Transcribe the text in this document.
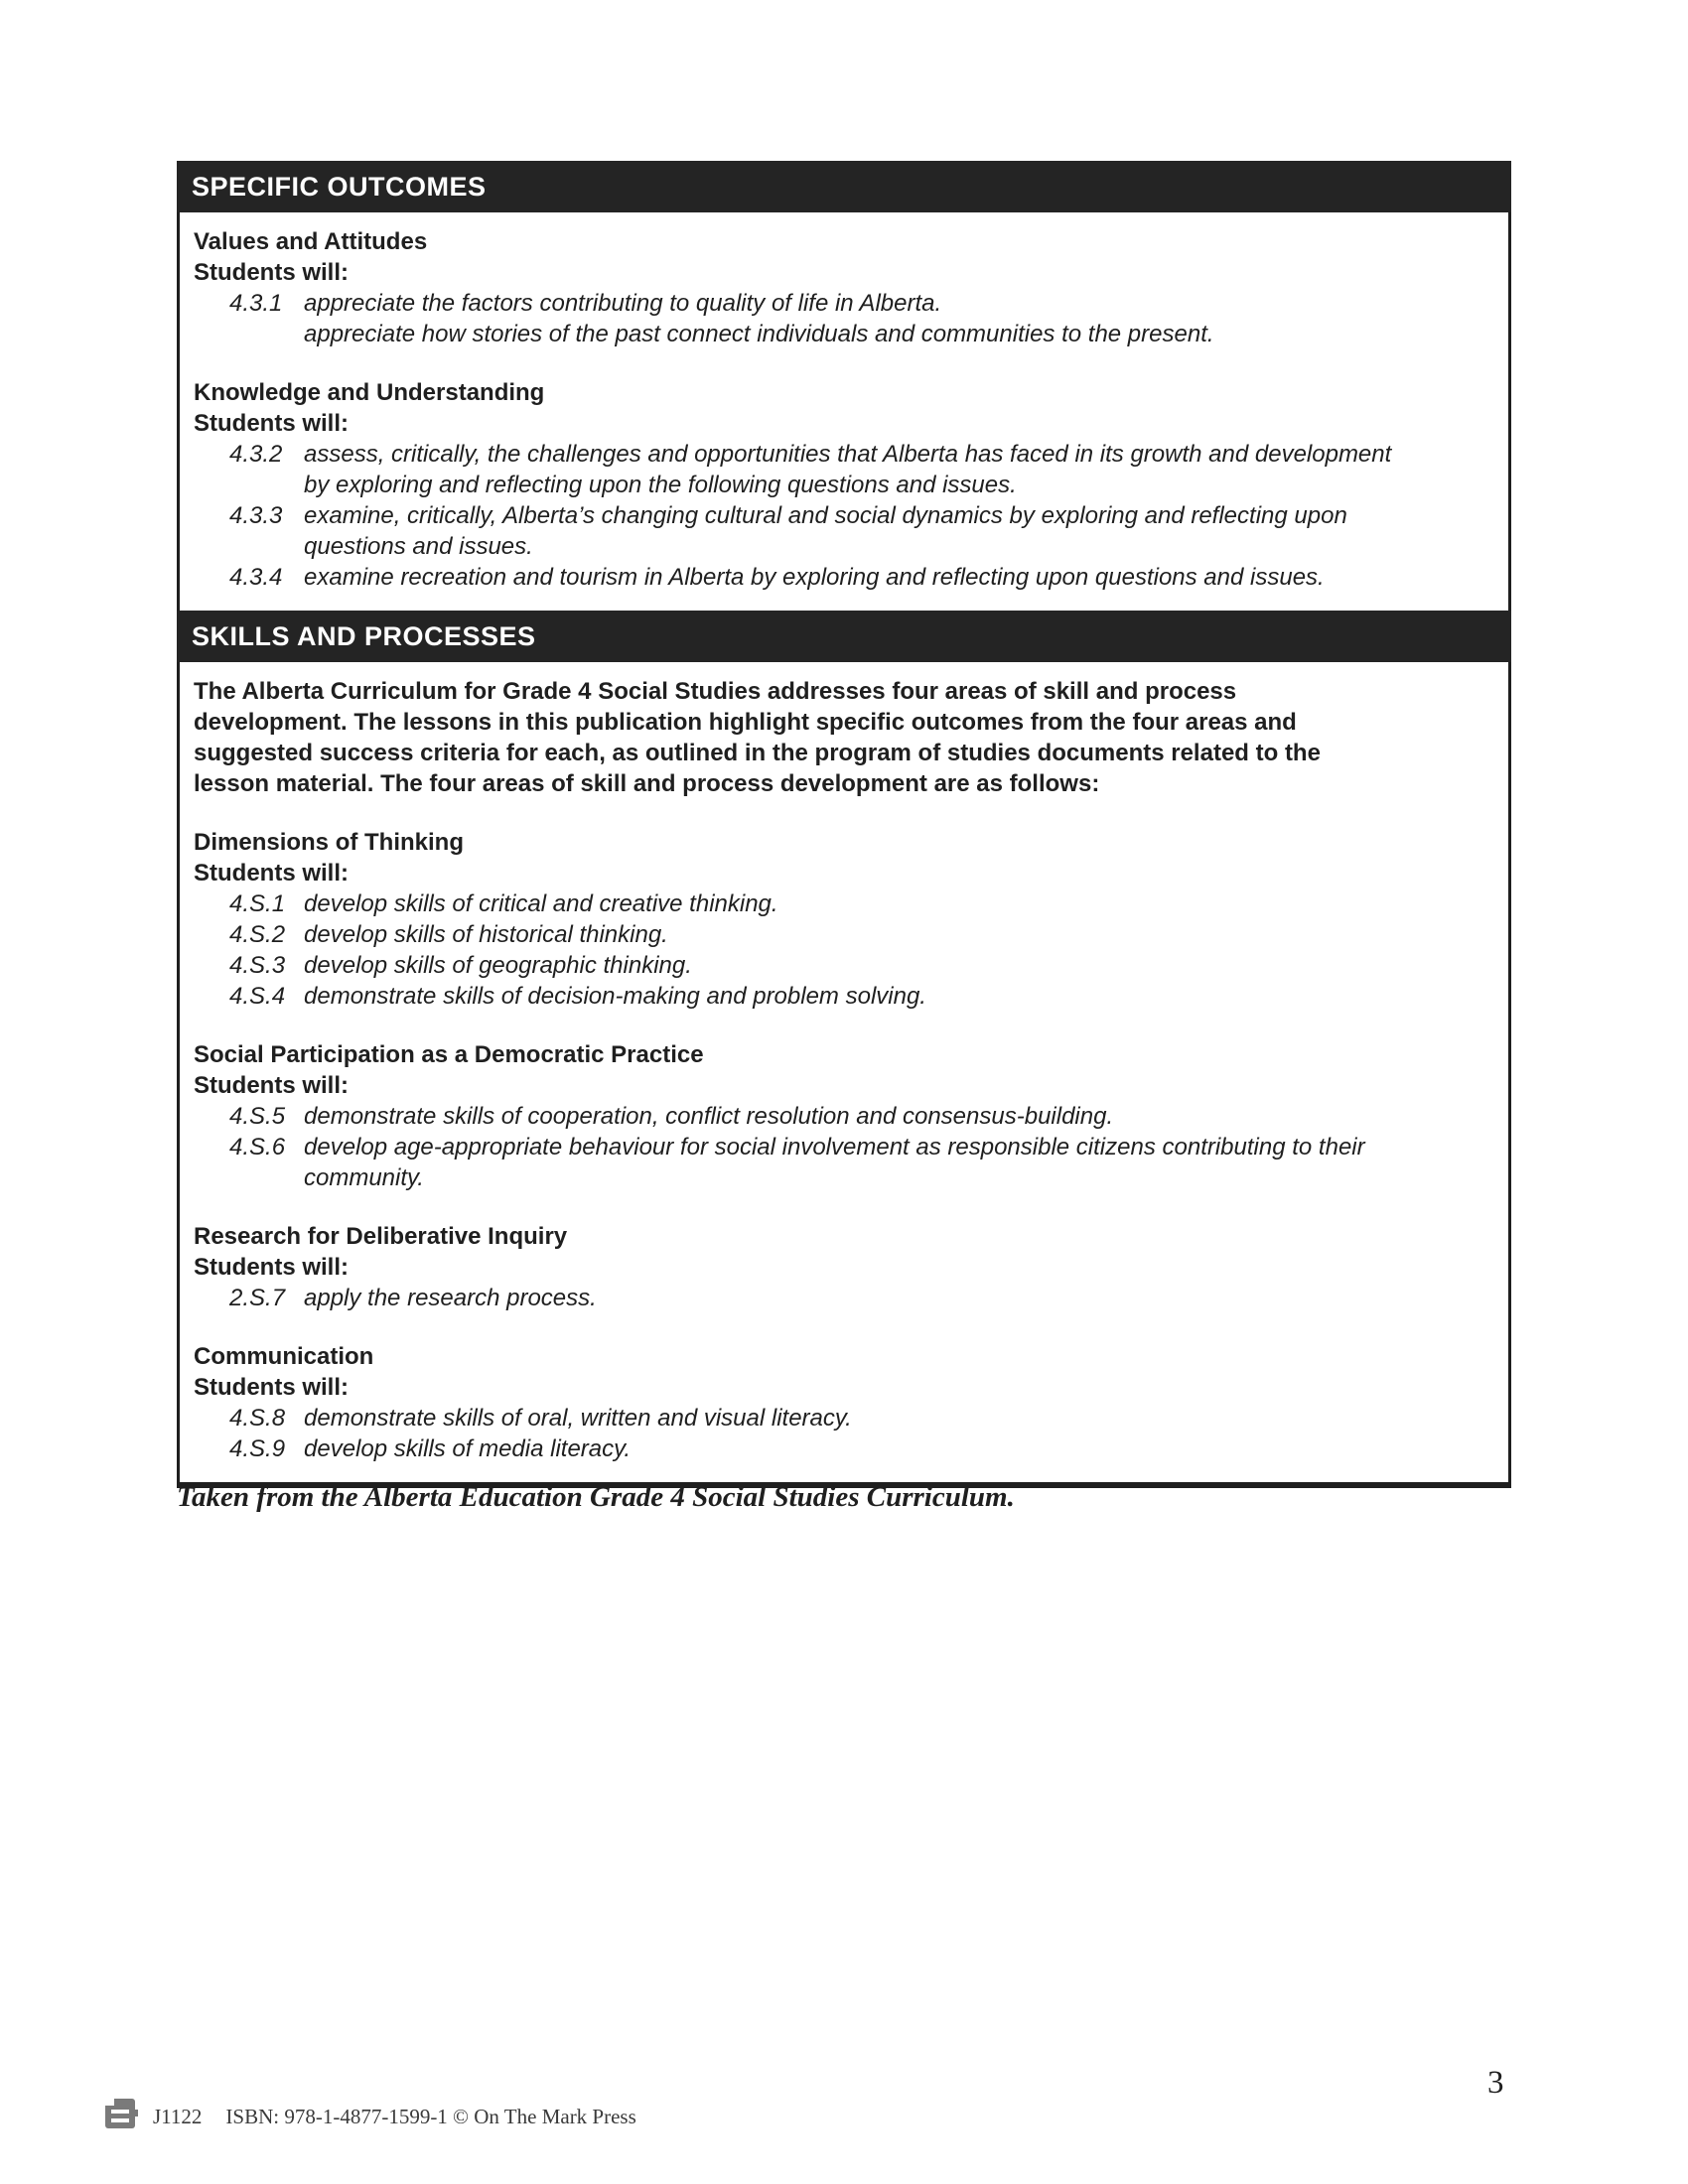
SPECIFIC OUTCOMES
Values and Attitudes
Students will:
4.3.1 appreciate the factors contributing to quality of life in Alberta.
appreciate how stories of the past connect individuals and communities to the present.
Knowledge and Understanding
Students will:
4.3.2 assess, critically, the challenges and opportunities that Alberta has faced in its growth and development by exploring and reflecting upon the following questions and issues.
4.3.3 examine, critically, Alberta’s changing cultural and social dynamics by exploring and reflecting upon questions and issues.
4.3.4 examine recreation and tourism in Alberta by exploring and reflecting upon questions and issues.
SKILLS AND PROCESSES

The Alberta Curriculum for Grade 4 Social Studies addresses four areas of skill and process development. The lessons in this publication highlight specific outcomes from the four areas and suggested success criteria for each, as outlined in the program of studies documents related to the lesson material. The four areas of skill and process development are as follows:

Dimensions of Thinking
Students will:
4.S.1 develop skills of critical and creative thinking.
4.S.2 develop skills of historical thinking.
4.S.3 develop skills of geographic thinking.
4.S.4 demonstrate skills of decision-making and problem solving.
Social Participation as a Democratic Practice
Students will:
4.S.5 demonstrate skills of cooperation, conflict resolution and consensus-building.
4.S.6 develop age-appropriate behaviour for social involvement as responsible citizens contributing to their community.
Research for Deliberative Inquiry
Students will:
2.S.7 apply the research process.
Communication
Students will:
4.S.8 demonstrate skills of oral, written and visual literacy.
4.S.9 develop skills of media literacy.
Taken from the Alberta Education Grade 4 Social Studies Curriculum.
3
J1122 ISBN: 978-1-4877-1599-1 © On The Mark Press
